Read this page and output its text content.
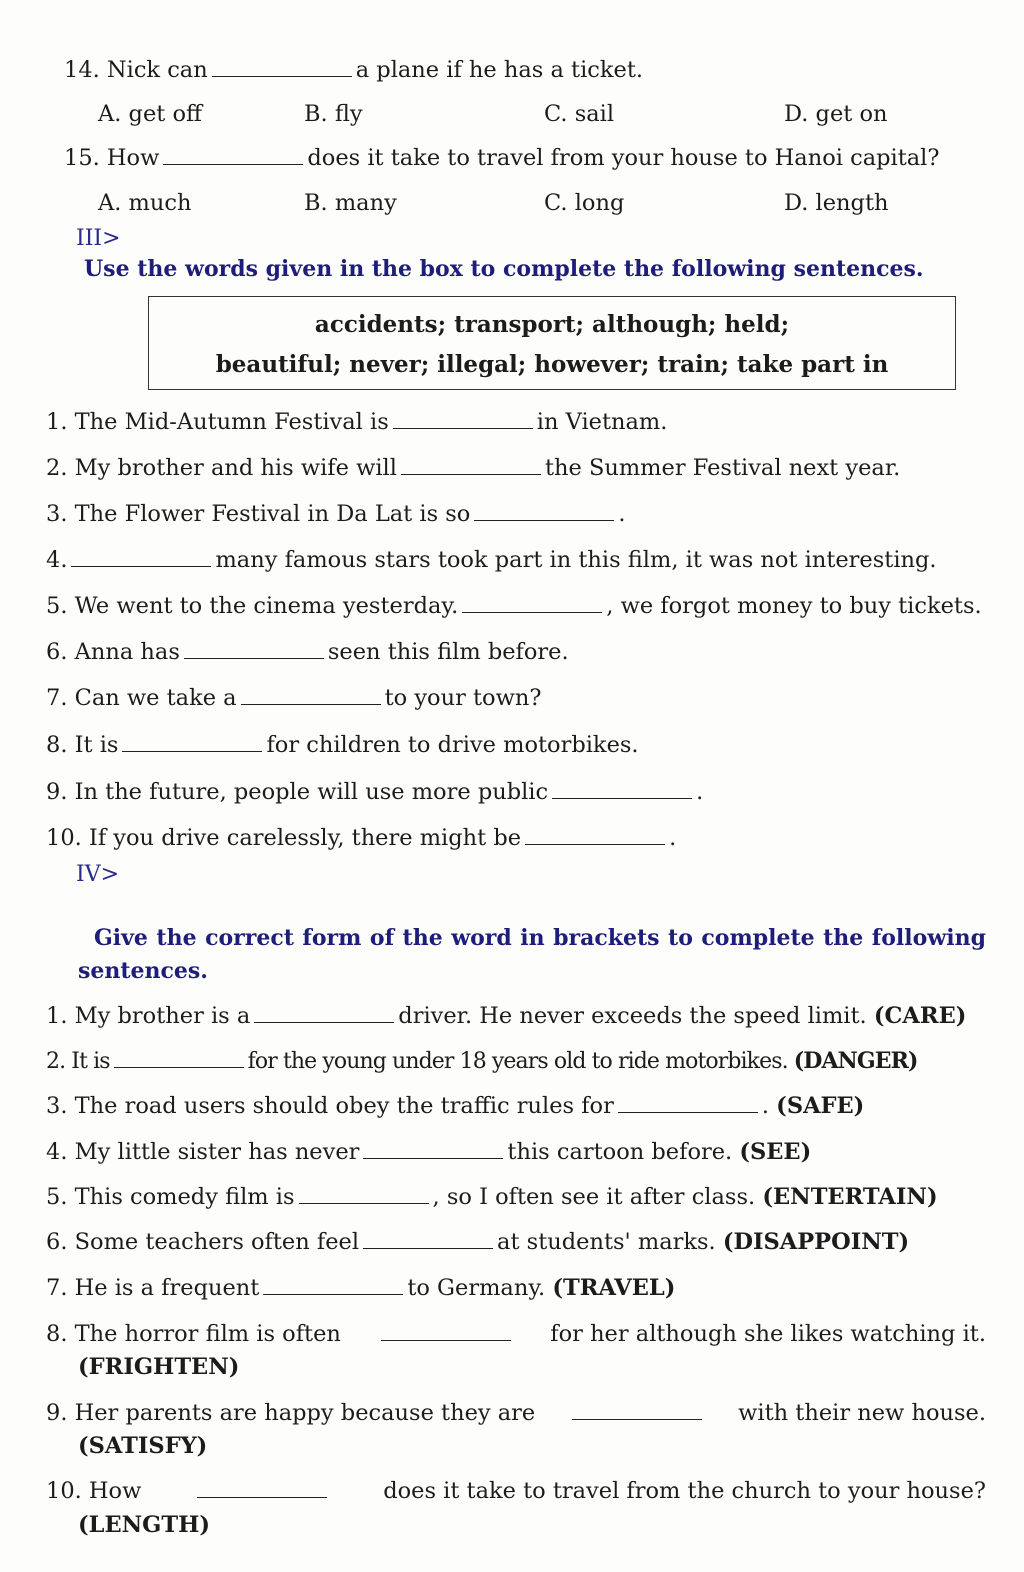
14. Nick can	a plane if he has a ticket.
A. get off	B. fly	C. sail	D. get on
15. How	does it take to travel from your house to Hanoi capital?
A. much	B. many	C. long	D. length
III>
Use the words given in the box to complete the following sentences.
accidents; transport; although; held;
beautiful; never; illegal; however; train; take part in
1. The Mid-Autumn Festival is	in Vietnam.
2. My brother and his wife will	the Summer Festival next year.
3. The Flower Festival in Da Lat is so	.
4.	many famous stars took part in this film, it was not interesting.
5. We went to the cinema yesterday.	, we forgot money to buy tickets.
6. Anna has	seen this film before.
7. Can we take a	to your town?
8. It is	for children to drive motorbikes.
9. In the future, people will use more public	.
10. If you drive carelessly, there might be	.
IV>
Give the correct form of the word in brackets to complete the following
sentences.
1. My brother is a	driver. He never exceeds the speed limit. (CARE)
2. It is	for the young under 18 years old to ride motorbikes. (DANGER)
3. The road users should obey the traffic rules for	. (SAFE)
4. My little sister has never	this cartoon before. (SEE)
5. This comedy film is	, so I often see it after class. (ENTERTAIN)
6. Some teachers often feel	at students' marks. (DISAPPOINT)
7. He is a frequent	to Germany. (TRAVEL)
8. The horror film is often	for her although she likes watching it.
(FRIGHTEN)
9. Her parents are happy because they are	with their new house.
(SATISFY)
10. How	does it take to travel from the church to your house?
(LENGTH)
